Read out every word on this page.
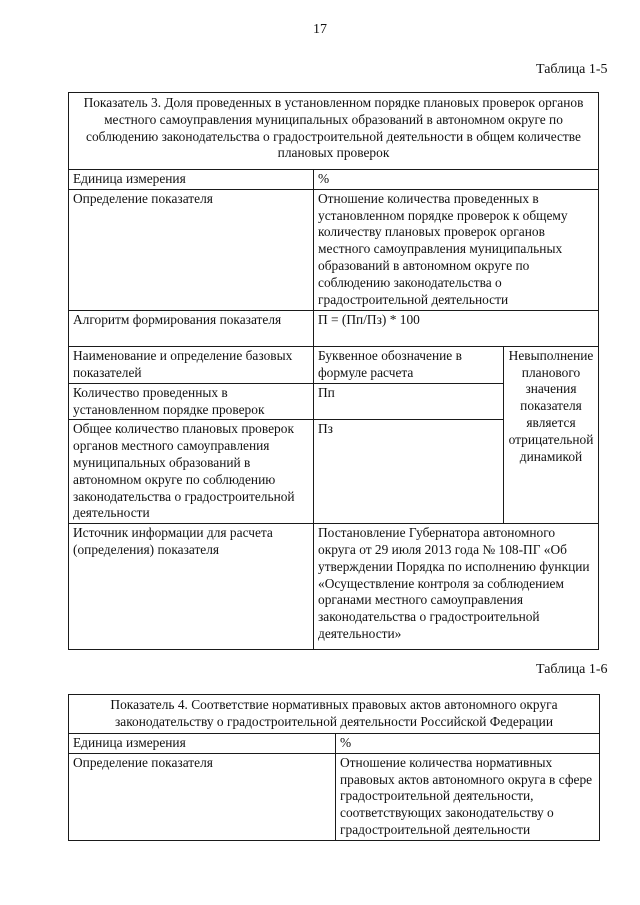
17
Таблица 1-5
Показатель 3. Доля проведенных в установленном порядке плановых проверок органов местного самоуправления муниципальных образований в автономном округе по соблюдению законодательства о градостроительной деятельности в общем количестве плановых проверок		
Единица измерения	%	
Определение показателя	Отношение количества проведенных в установленном порядке проверок к общему количеству плановых проверок органов местного самоуправления муниципальных образований в автономном округе по соблюдению законодательства о градостроительной деятельности	
Алгоритм формирования показателя	П = (Пп/Пз) * 100	
Наименование и определение базовых показателей	Буквенное обозначение в формуле расчета	Невыполнение планового значения показателя является отрицательной динамикой
Количество проведенных в установленном порядке проверок	Пп	
Общее количество плановых проверок органов местного самоуправления муниципальных образований в автономном округе по соблюдению законодательства о градостроительной деятельности	Пз	
Источник информации для расчета (определения) показателя	Постановление Губернатора автономного округа от 29 июля 2013 года № 108-ПГ «Об утверждении Порядка по исполнению функции «Осуществление контроля за соблюдением органами местного самоуправления законодательства о градостроительной деятельности»	
Таблица 1-6
Показатель 4. Соответствие нормативных правовых актов автономного округа законодательству о градостроительной деятельности Российской Федерации	
Единица измерения	%
Определение показателя	Отношение количества нормативных правовых актов автономного округа в сфере градостроительной деятельности, соответствующих законодательству о градостроительной деятельности
